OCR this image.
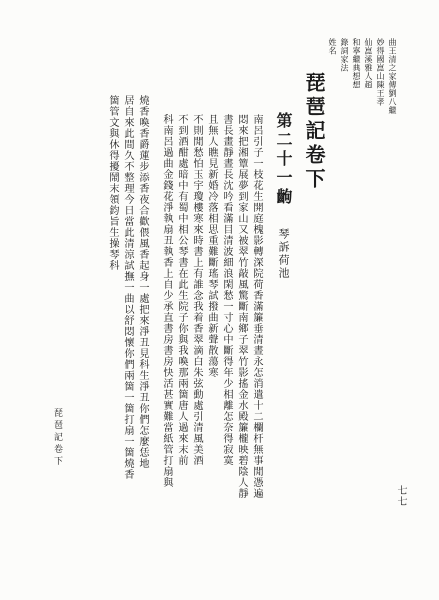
曲王清之家傳劉八繼
妙得國崑山陳王孝
仙崑溪雅人趙
和寧繼典想想
錄詞家法
姓名
琵琶記卷下
第二十一齣
琴訴荷池
南呂引子一枝花生開庭槐影轉深院荷香滿簾垂清晝永怎消遣十二欄杆無事閒憑遍
悶來把湘簟展夢到家山又被翠竹敲風驚斷南鄉子翠竹影搖金水殿簾櫳映碧陰人靜
書長畫靜晝長沈吟看滿目清波細浪閑愁一寸心中斷得年少相離怎奈得寂寞
且無人瞧見新婚冷落相思重難斷瑤琴試撥曲新聲散蕩寒
不則閒愁怕玉宇瓊樓寒來時書上有誰念我着香翠滴白朱弦動處引清風美酒
不到酒酣處暗中有蜀中相公琴書在此生院子你與我喚那兩箇唐人過來末前
科南呂過曲金錢花淨執扇丑執香上自少承直書房書房快活甚實難當紙管打扇與
燒香喚香爵蓮步添香夜合歡偎風香起身一處把來淨丑見科生淨丑你們怎麼恁地
居自來此間久不整理今日當此清涼試撫一曲以舒悶懷你們兩箇一箇打扇一箇燒香
箇管文與休得擾鬧末領鈞旨生操琴科
琵琶記卷下
七七
